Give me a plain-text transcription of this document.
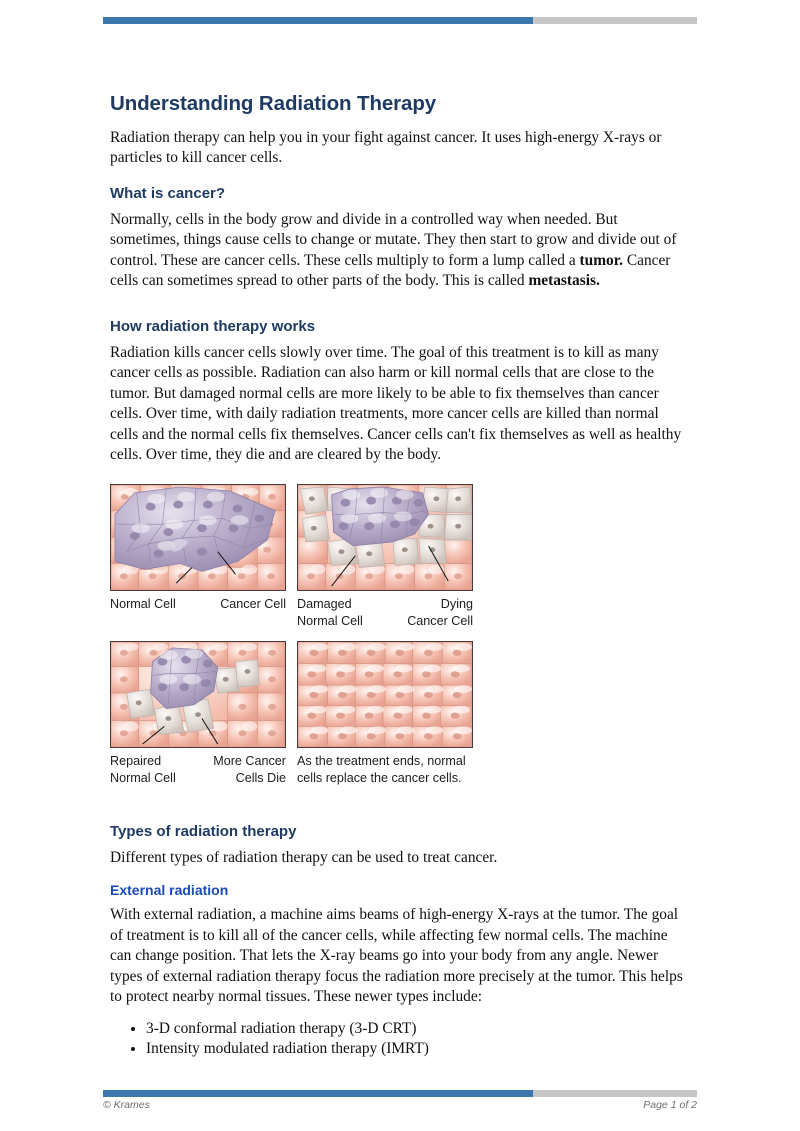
Understanding Radiation Therapy

Radiation therapy can help you in your fight against cancer. It uses high-energy X-rays or particles to kill cancer cells.

What is cancer?

Normally, cells in the body grow and divide in a controlled way when needed. But sometimes, things cause cells to change or mutate. They then start to grow and divide out of control. These are cancer cells. These cells multiply to form a lump called a tumor. Cancer cells can sometimes spread to other parts of the body. This is called metastasis.

How radiation therapy works

Radiation kills cancer cells slowly over time. The goal of this treatment is to kill as many cancer cells as possible. Radiation can also harm or kill normal cells that are close to the tumor. But damaged normal cells are more likely to be able to fix themselves than cancer cells. Over time, with daily radiation treatments, more cancer cells are killed than normal cells and the normal cells fix themselves. Cancer cells can't fix themselves as well as healthy cells. Over time, they die and are cleared by the body.

Normal Cell	Cancer Cell Damaged
Normal Cell
Dying
Cancer Cell
Repaired
Normal Cell
More Cancer
Cells Die
As the treatment ends, normal
cells replace the cancer cells.
Types of radiation therapy

Different types of radiation therapy can be used to treat cancer.

External radiation

With external radiation, a machine aims beams of high-energy X-rays at the tumor. The goal of treatment is to kill all of the cancer cells, while affecting few normal cells. The machine can change position. That lets the X-ray beams go into your body from any angle. Newer types of external radiation therapy focus the radiation more precisely at the tumor. This helps to protect nearby normal tissues. These newer types include:

• 3-D conformal radiation therapy (3-D CRT)
• Intensity modulated radiation therapy (IMRT)
© Krames	Page 1 of 2
